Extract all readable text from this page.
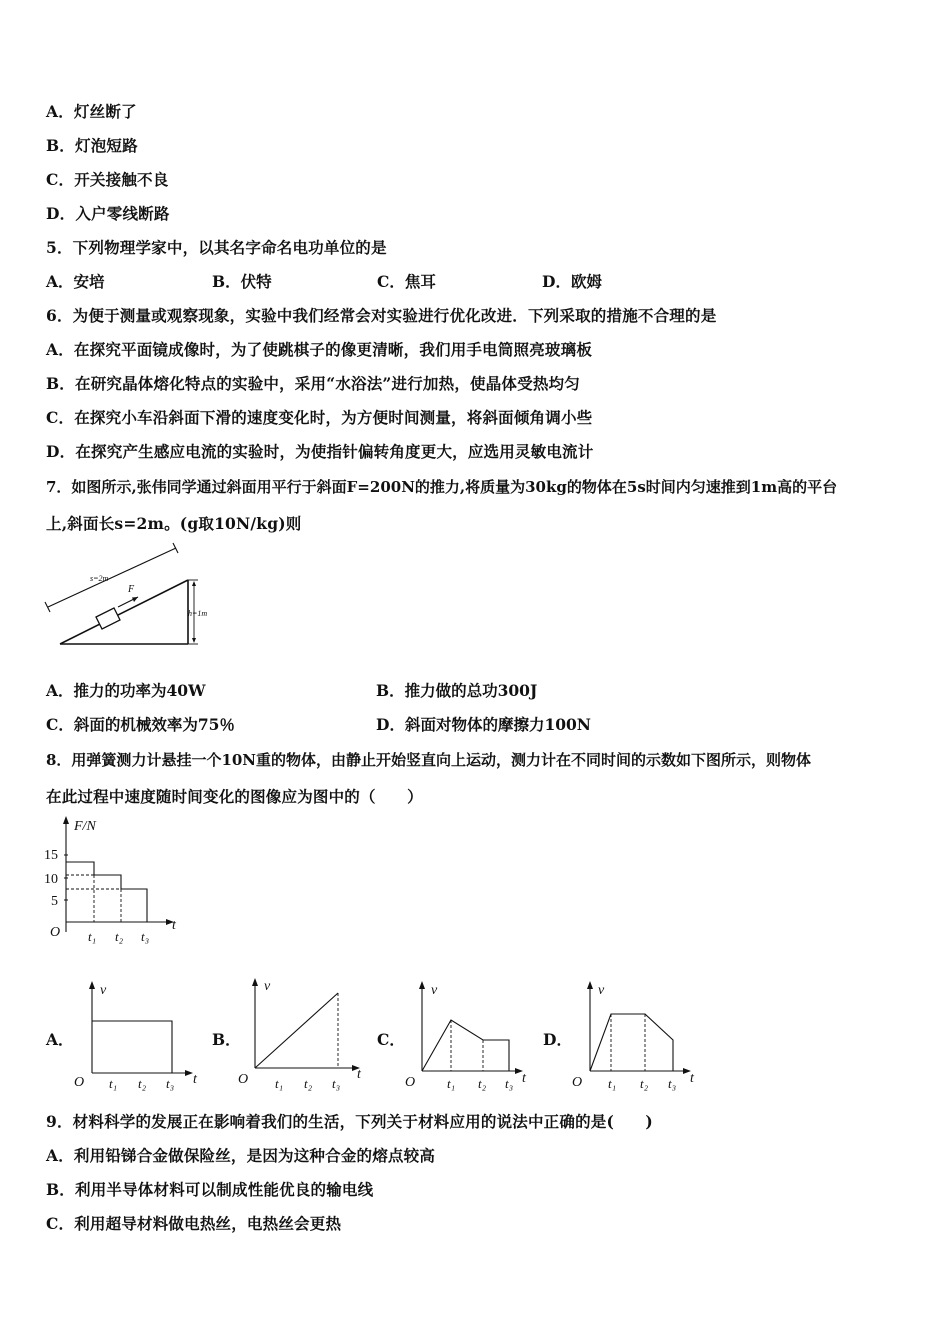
A．灯丝断了
B．灯泡短路
C．开关接触不良
D．入户零线断路
5．下列物理学家中，以其名字命名电功单位的是
A．安培	B．伏特	C．焦耳	D．欧姆
6．为便于测量或观察现象，实验中我们经常会对实验进行优化改进．下列采取的措施不合理的是
A．在探究平面镜成像时，为了使跳棋子的像更清晰，我们用手电筒照亮玻璃板
B．在研究晶体熔化特点的实验中，采用“水浴法”进行加热，使晶体受热均匀
C．在探究小车沿斜面下滑的速度变化时，为方便时间测量，将斜面倾角调小些
D．在探究产生感应电流的实验时，为使指针偏转角度更大，应选用灵敏电流计
7．如图所示,张伟同学通过斜面用平行于斜面F=200N的推力,将质量为30kg的物体在5s时间内匀速推到1m高的平台
上,斜面长s=2m。(g取10N/kg)则
s=2m
F
h=1m
A．推力的功率为40W	B．推力做的总功300J
C．斜面的机械效率为75％	D．斜面对物体的摩擦力100N
8．用弹簧测力计悬挂一个10N重的物体，由静止开始竖直向上运动，测力计在不同时间的示数如下图所示，则物体
在此过程中速度随时间变化的图像应为图中的（　　）
F/N
O	t
15
10
5
t₁ t₂ t₃
A．	B．	C．	D．
v
O	t
t₁ t₂ t₃
v
O	t
t₁ t₂ t₃
v
O	t
t₁ t₂ t₃
v
O	t
t₁ t₂ t₃
9．材料科学的发展正在影响着我们的生活，下列关于材料应用的说法中正确的是(　　)
A．利用铅锑合金做保险丝，是因为这种合金的熔点较高
B．利用半导体材料可以制成性能优良的输电线
C．利用超导材料做电热丝，电热丝会更热
